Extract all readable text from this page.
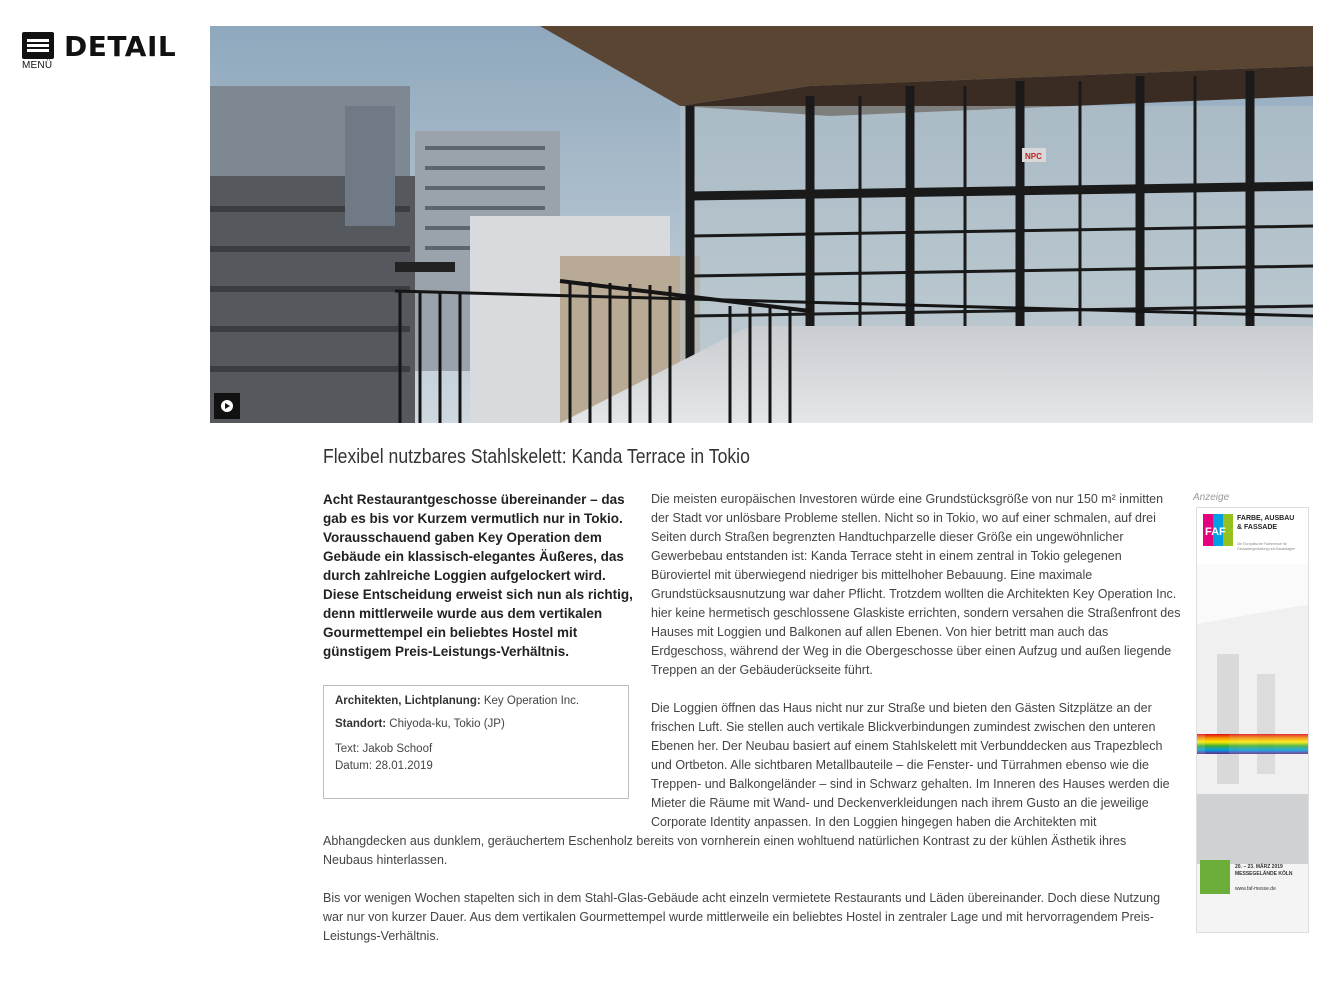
MENÜ
DETAIL
NPC
Flexibel nutzbares Stahlskelett: Kanda Terrace in Tokio
Acht Restaurantgeschosse übereinander – das gab es bis vor Kurzem vermutlich nur in Tokio. Vorausschauend gaben Key Operation dem Gebäude ein klassisch-elegantes Äußeres, das durch zahlreiche Loggien aufgelockert wird. Diese Entscheidung erweist sich nun als richtig, denn mittlerweile wurde aus dem vertikalen Gourmettempel ein beliebtes Hostel mit günstigem Preis-Leistungs-Verhältnis.
Architekten, Lichtplanung: Key Operation Inc.
Standort: Chiyoda-ku, Tokio (JP)
Text: Jakob Schoof
Datum: 28.01.2019
Die meisten europäischen Investoren würde eine Grundstücksgröße von nur 150 m² inmitten der Stadt vor unlösbare Probleme stellen. Nicht so in Tokio, wo auf einer schmalen, auf drei Seiten durch Straßen begrenzten Handtuchparzelle dieser Größe ein ungewöhnlicher Gewerbebau entstanden ist: Kanda Terrace steht in einem zentral in Tokio gelegenen Büroviertel mit überwiegend niedriger bis mittelhoher Bebauung. Eine maximale Grundstücksausnutzung war daher Pflicht. Trotzdem wollten die Architekten Key Operation Inc. hier keine hermetisch geschlossene Glaskiste errichten, sondern versahen die Straßenfront des Hauses mit Loggien und Balkonen auf allen Ebenen. Von hier betritt man auch das Erdgeschoss, während der Weg in die Obergeschosse über einen Aufzug und außen liegende Treppen an der Gebäuderückseite führt.
Die Loggien öffnen das Haus nicht nur zur Straße und bieten den Gästen Sitzplätze an der frischen Luft. Sie stellen auch vertikale Blickverbindungen zumindest zwischen den unteren Ebenen her. Der Neubau basiert auf einem Stahlskelett mit Verbunddecken aus Trapezblech und Ortbeton. Alle sichtbaren Metallbauteile – die Fenster- und Türrahmen ebenso wie die Treppen- und Balkongeländer – sind in Schwarz gehalten. Im Inneren des Hauses werden die Mieter die Räume mit Wand- und Deckenverkleidungen nach ihrem Gusto an die jeweilige Corporate Identity anpassen. In den Loggien hingegen haben die Architekten mit
Abhangdecken aus dunklem, geräuchertem Eschenholz bereits von vornherein einen wohltuend natürlichen Kontrast zu der kühlen Ästhetik ihres Neubaus hinterlassen.
Bis vor wenigen Wochen stapelten sich in dem Stahl-Glas-Gebäude acht einzeln vermietete Restaurants und Läden übereinander. Doch diese Nutzung war nur von kurzer Dauer. Aus dem vertikalen Gourmettempel wurde mittlerweile ein beliebtes Hostel in zentraler Lage und mit hervorragendem Preis-Leistungs-Verhältnis.
Anzeige
FAF
FARBE, AUSBAU
& FASSADE
Die Europäische Fachmesse für Fassadengestaltung und Bauanlagen
20. – 23. MÄRZ 2019
MESSEGELÄNDE KÖLN
www.faf-messe.de
